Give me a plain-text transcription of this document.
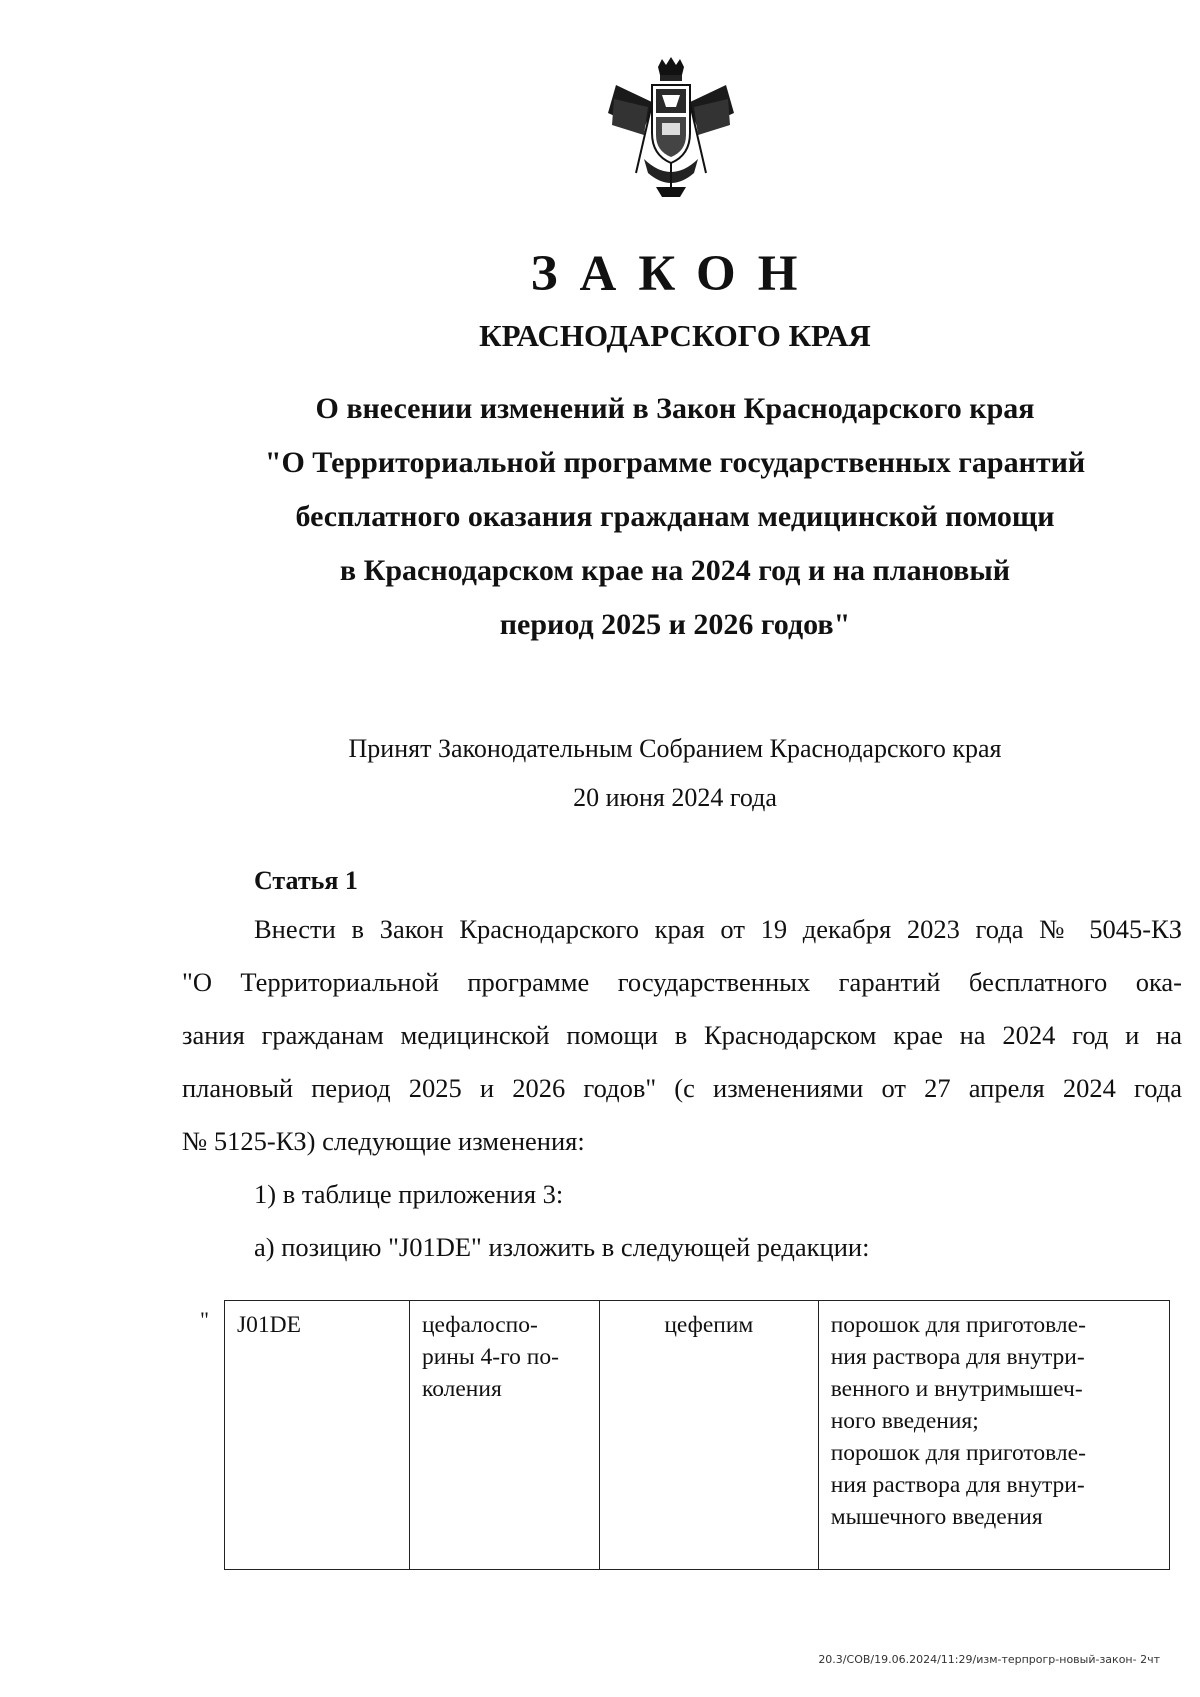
ЗАКОН
КРАСНОДАРСКОГО КРАЯ
О внесении изменений в Закон Краснодарского края
"О Территориальной программе государственных гарантий
бесплатного оказания гражданам медицинской помощи
в Краснодарском крае на 2024 год и на плановый
период 2025 и 2026 годов"
Принят Законодательным Собранием Краснодарского края
20 июня 2024 года
Статья 1
Внести в Закон Краснодарского края от 19 декабря 2023 года № 5045-КЗ
"О Территориальной программе государственных гарантий бесплатного ока-
зания гражданам медицинской помощи в Краснодарском крае на 2024 год и на
плановый период 2025 и 2026 годов" (с изменениями от 27 апреля 2024 года
№ 5125-КЗ) следующие изменения:
1) в таблице приложения 3:
а) позицию "J01DE" изложить в следующей редакции:
" J01DE	цефалоспо-
рины 4-го по-
коления
	цефепим	порошок для приготовле-
ния раствора для внутри-
венного и внутримышеч-
ного введения;
порошок для приготовле-
ния раствора для внутри-
мышечного введения
20.3/COB/19.06.2024/11:29/изм-терпрогр-новый-закон- 2чт
